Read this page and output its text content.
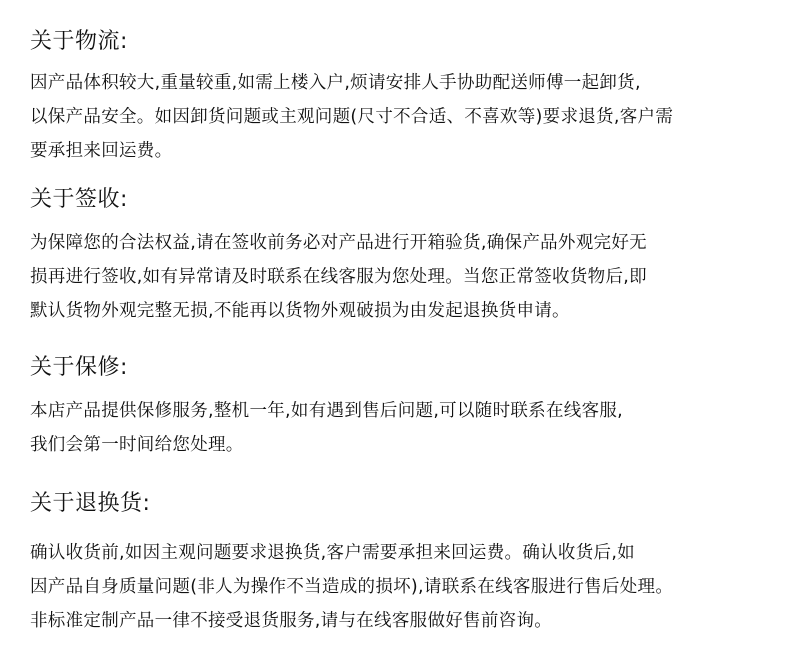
关于物流:

因产品体积较大,重量较重,如需上楼入户,烦请安排人手协助配送师傅一起卸货,
以保产品安全。如因卸货问题或主观问题(尺寸不合适、不喜欢等)要求退货,客户需
要承担来回运费。

关于签收:

为保障您的合法权益,请在签收前务必对产品进行开箱验货,确保产品外观完好无
损再进行签收,如有异常请及时联系在线客服为您处理。当您正常签收货物后,即
默认货物外观完整无损,不能再以货物外观破损为由发起退换货申请。

关于保修:

本店产品提供保修服务,整机一年,如有遇到售后问题,可以随时联系在线客服,
我们会第一时间给您处理。

关于退换货:

确认收货前,如因主观问题要求退换货,客户需要承担来回运费。确认收货后,如
因产品自身质量问题(非人为操作不当造成的损坏),请联系在线客服进行售后处理。
非标准定制产品一律不接受退货服务,请与在线客服做好售前咨询。
